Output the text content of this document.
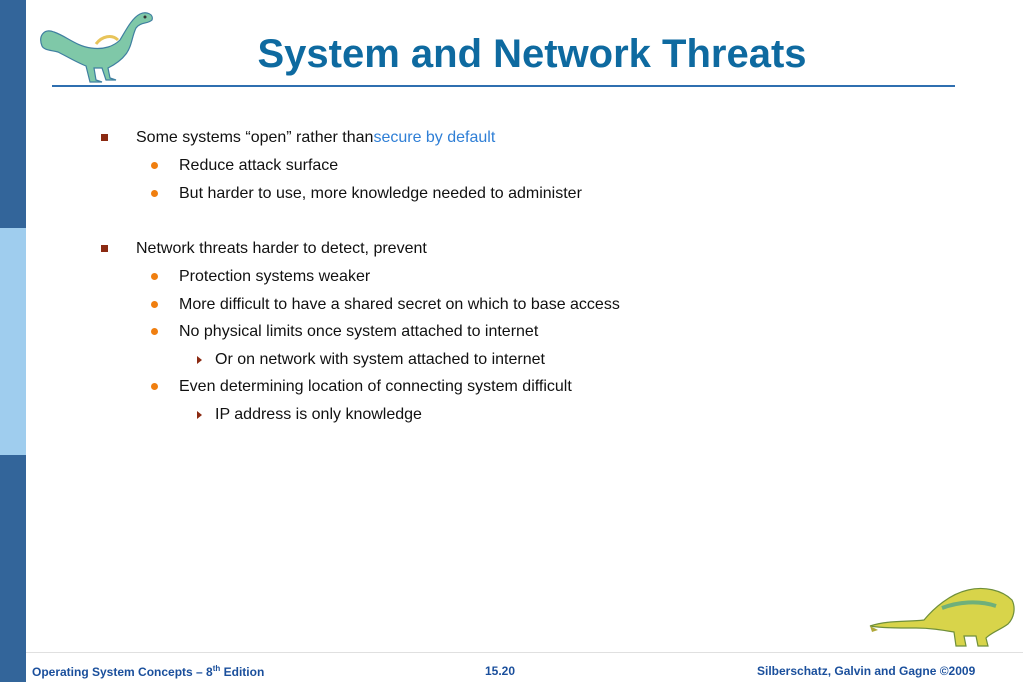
System and Network Threats
Some systems “open” rather thansecure by default
Reduce attack surface
But harder to use, more knowledge needed to administer
Network threats harder to detect, prevent
Protection systems weaker
More difficult to have a shared secret on which to base access
No physical limits once system attached to internet
Or on network with system attached to internet
Even determining location of connecting system difficult
IP address is only knowledge
Operating System Concepts – 8th Edition	15.20	Silberschatz, Galvin and Gagne ©2009
